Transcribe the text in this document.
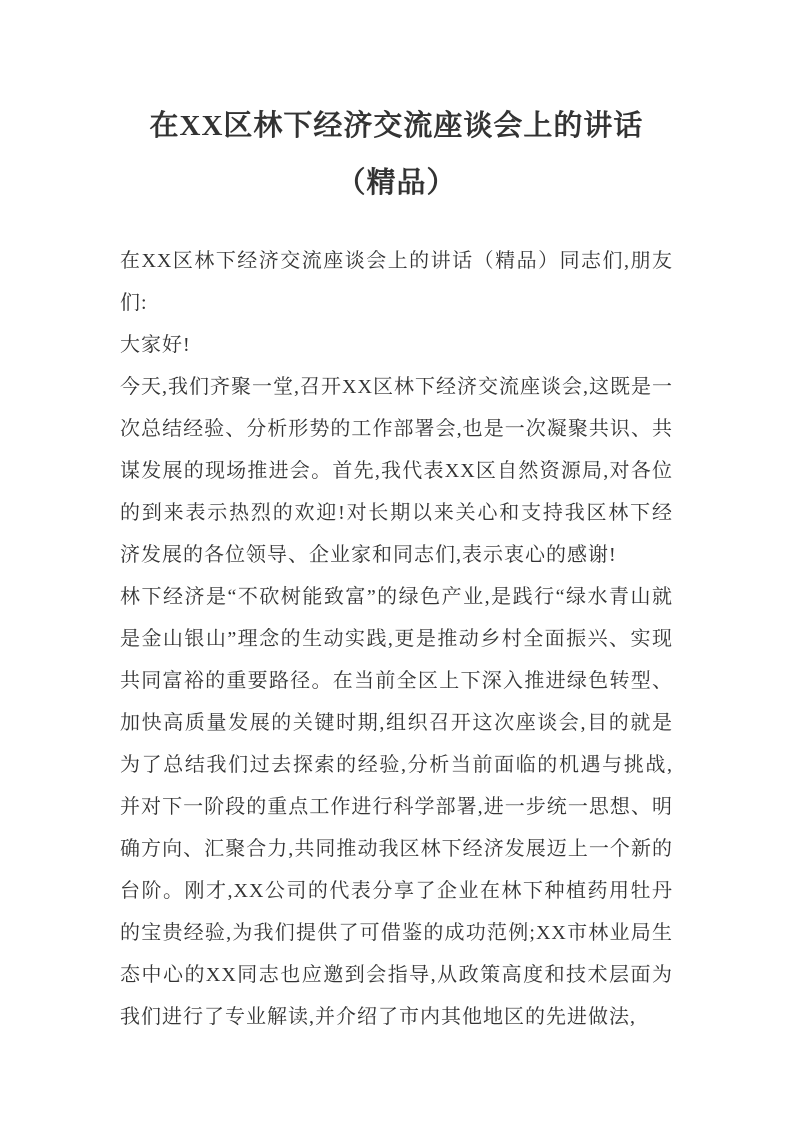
在XX区林下经济交流座谈会上的讲话（精品）

在XX区林下经济交流座谈会上的讲话（精品）同志们,朋友们:

大家好!

今天,我们齐聚一堂,召开XX区林下经济交流座谈会,这既是一次总结经验、分析形势的工作部署会,也是一次凝聚共识、共谋发展的现场推进会。首先,我代表XX区自然资源局,对各位的到来表示热烈的欢迎!对长期以来关心和支持我区林下经济发展的各位领导、企业家和同志们,表示衷心的感谢!

林下经济是“不砍树能致富”的绿色产业,是践行“绿水青山就是金山银山”理念的生动实践,更是推动乡村全面振兴、实现共同富裕的重要路径。在当前全区上下深入推进绿色转型、加快高质量发展的关键时期,组织召开这次座谈会,目的就是为了总结我们过去探索的经验,分析当前面临的机遇与挑战,并对下一阶段的重点工作进行科学部署,进一步统一思想、明确方向、汇聚合力,共同推动我区林下经济发展迈上一个新的台阶。刚才,XX公司的代表分享了企业在林下种植药用牡丹的宝贵经验,为我们提供了可借鉴的成功范例;XX市林业局生态中心的XX同志也应邀到会指导,从政策高度和技术层面为我们进行了专业解读,并介绍了市内其他地区的先进做法,
